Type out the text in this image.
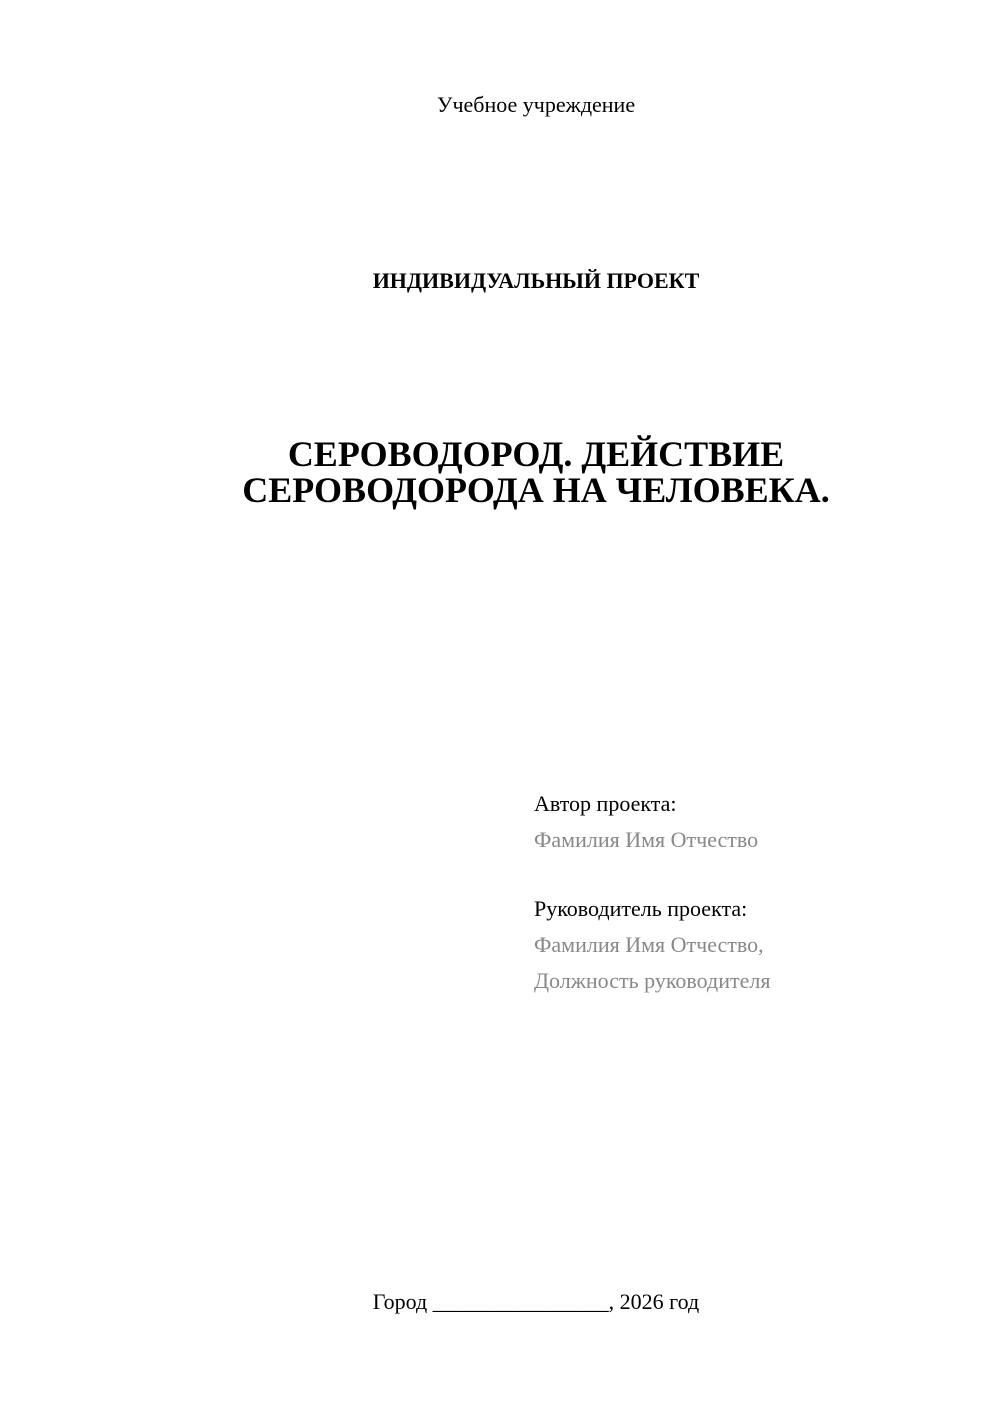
Учебное учреждение
ИНДИВИДУАЛЬНЫЙ ПРОЕКТ
СЕРОВОДОРОД. ДЕЙСТВИЕ
СЕРОВОДОРОДА НА ЧЕЛОВЕКА.
Автор проекта:
Фамилия Имя Отчество
Руководитель проекта:
Фамилия Имя Отчество,
Должность руководителя
Город ________________, 2026 год
